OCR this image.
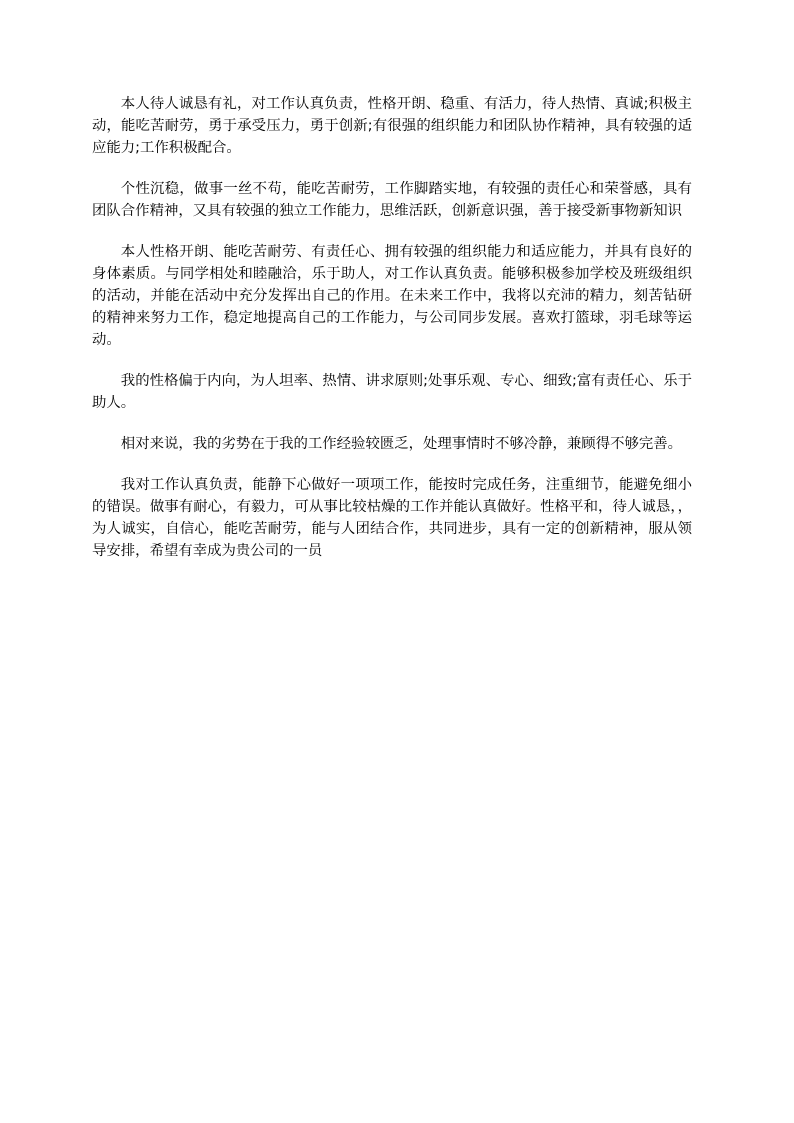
本人待人诚恳有礼，对工作认真负责，性格开朗、稳重、有活力，待人热情、真诚;积极主动，能吃苦耐劳，勇于承受压力，勇于创新;有很强的组织能力和团队协作精神，具有较强的适应能力;工作积极配合。

个性沉稳，做事一丝不苟，能吃苦耐劳，工作脚踏实地，有较强的责任心和荣誉感，具有团队合作精神，又具有较强的独立工作能力，思维活跃，创新意识强，善于接受新事物新知识

本人性格开朗、能吃苦耐劳、有责任心、拥有较强的组织能力和适应能力，并具有良好的身体素质。与同学相处和睦融洽，乐于助人，对工作认真负责。能够积极参加学校及班级组织的活动，并能在活动中充分发挥出自己的作用。在未来工作中，我将以充沛的精力，刻苦钻研的精神来努力工作，稳定地提高自己的工作能力，与公司同步发展。喜欢打篮球，羽毛球等运动。

我的性格偏于内向，为人坦率、热情、讲求原则;处事乐观、专心、细致;富有责任心、乐于助人。

相对来说，我的劣势在于我的工作经验较匮乏，处理事情时不够冷静，兼顾得不够完善。

我对工作认真负责，能静下心做好一项项工作，能按时完成任务，注重细节，能避免细小的错误。做事有耐心，有毅力，可从事比较枯燥的工作并能认真做好。性格平和，待人诚恳，，为人诚实，自信心，能吃苦耐劳，能与人团结合作，共同进步，具有一定的创新精神，服从领导安排，希望有幸成为贵公司的一员
